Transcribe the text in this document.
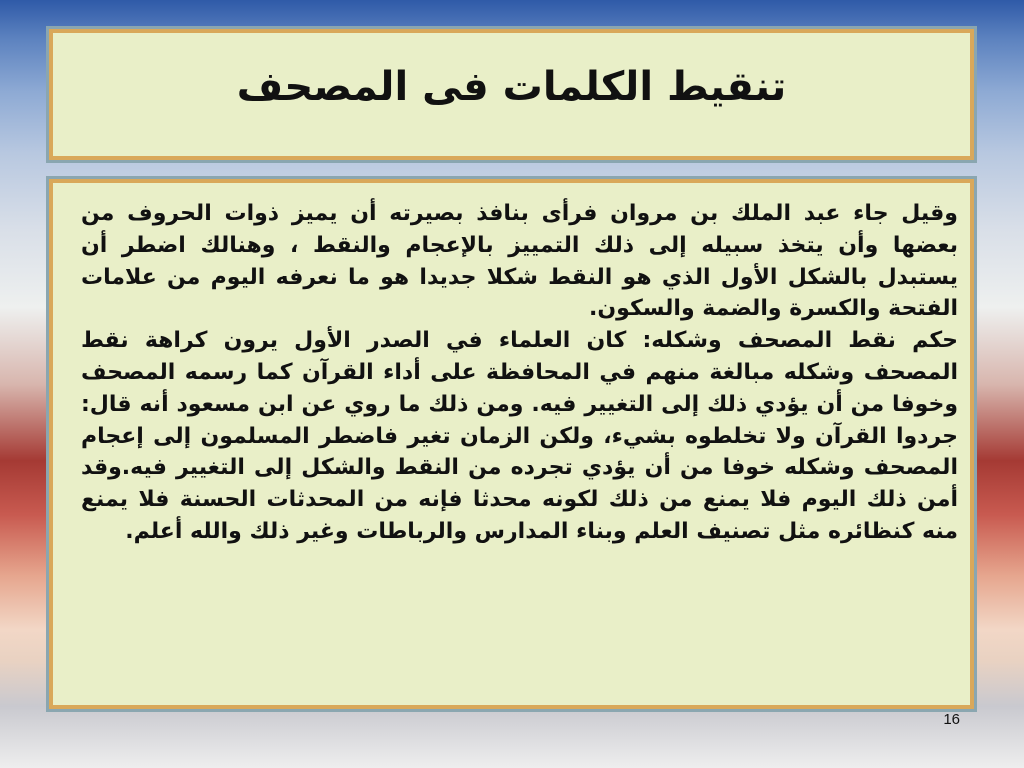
تنقيط الكلمات فى المصحف

وقيل جاء عبد الملك بن مروان فرأى بنافذ بصيرته أن يميز ذوات الحروف من بعضها وأن يتخذ سبيله إلى ذلك التمييز بالإعجام والنقط ، وهنالك اضطر أن يستبدل بالشكل الأول الذي هو النقط شكلا جديدا هو ما نعرفه اليوم من علامات الفتحة والكسرة والضمة والسكون.

حكم نقط المصحف وشكله: كان العلماء في الصدر الأول يرون كراهة نقط المصحف وشكله مبالغة منهم في المحافظة على أداء القرآن كما رسمه المصحف وخوفا من أن يؤدي ذلك إلى التغيير فيه. ومن ذلك ما روي عن ابن مسعود أنه قال: جردوا القرآن ولا تخلطوه بشيء، ولكن الزمان تغير فاضطر المسلمون إلى إعجام المصحف وشكله خوفا من أن يؤدي تجرده من النقط والشكل إلى التغيير فيه.وقد أمن ذلك اليوم فلا يمنع من ذلك لكونه محدثا فإنه من المحدثات الحسنة فلا يمنع منه كنظائره مثل تصنيف العلم وبناء المدارس والرباطات وغير ذلك والله أعلم.

16
